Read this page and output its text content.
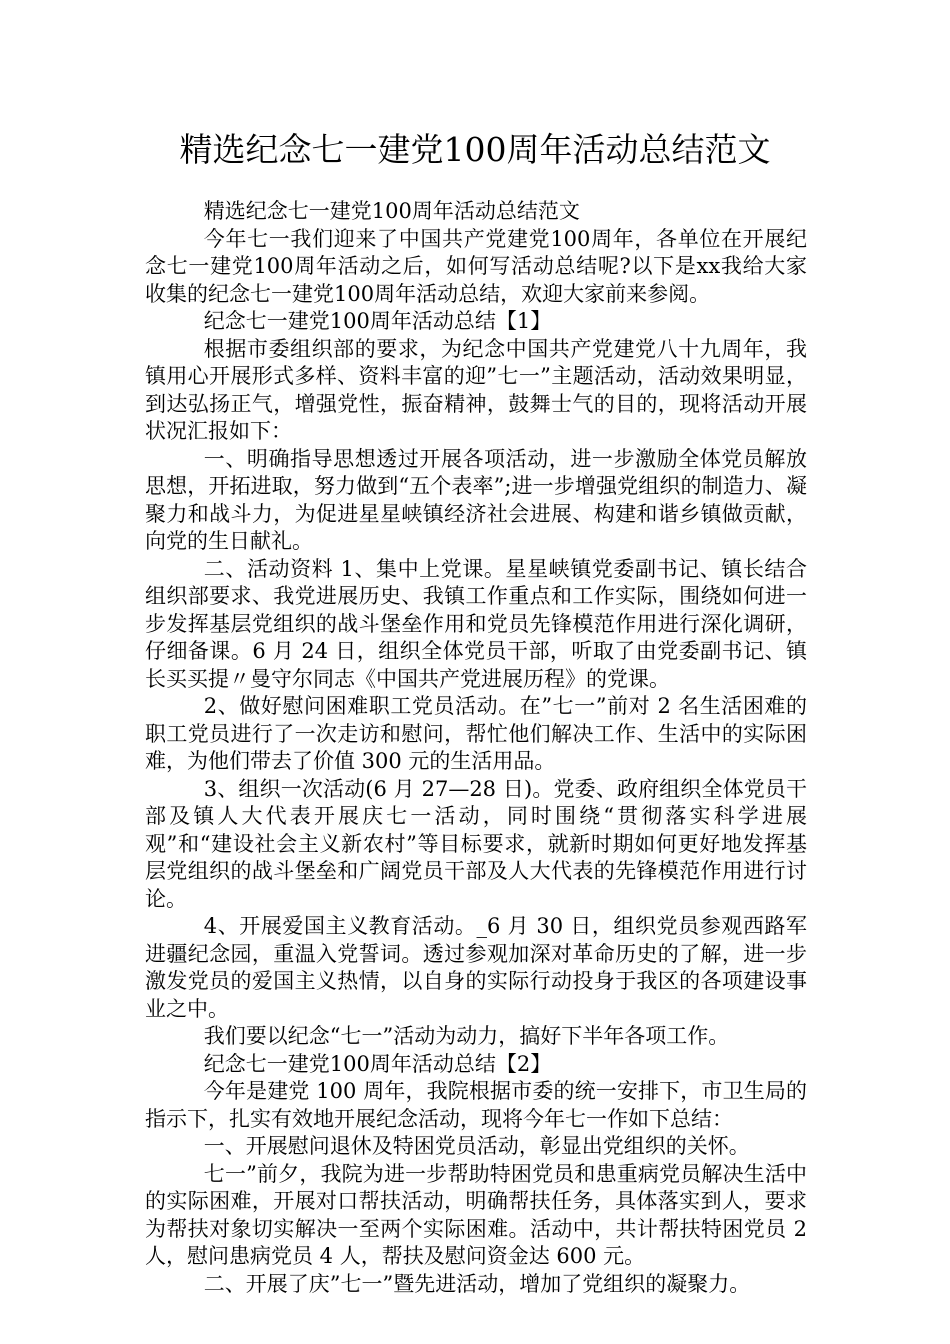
精选纪念七一建党100周年活动总结范文

精选纪念七一建党100周年活动总结范文

今年七一我们迎来了中国共产党建党100周年，各单位在开展纪念七一建党100周年活动之后，如何写活动总结呢?以下是xx我给大家收集的纪念七一建党100周年活动总结，欢迎大家前来参阅。

纪念七一建党100周年活动总结【1】

根据市委组织部的要求，为纪念中国共产党建党八十九周年，我镇用心开展形式多样、资料丰富的迎”七一”主题活动，活动效果明显，到达弘扬正气，增强党性，振奋精神，鼓舞士气的目的，现将活动开展状况汇报如下：

一、明确指导思想透过开展各项活动，进一步激励全体党员解放思想，开拓进取，努力做到“五个表率”;进一步增强党组织的制造力、凝聚力和战斗力，为促进星星峡镇经济社会进展、构建和谐乡镇做贡献，向党的生日献礼。

二、活动资料 1、集中上党课。星星峡镇党委副书记、镇长结合组织部要求、我党进展历史、我镇工作重点和工作实际，围绕如何进一步发挥基层党组织的战斗堡垒作用和党员先锋模范作用进行深化调研，仔细备课。6 月 24 日，组织全体党员干部，听取了由党委副书记、镇长买买提〃曼守尔同志《中国共产党进展历程》的党课。

2、做好慰问困难职工党员活动。在”七一”前对 2 名生活困难的职工党员进行了一次走访和慰问，帮忙他们解决工作、生活中的实际困难，为他们带去了价值 300 元的生活用品。

3、组织一次活动(6 月 27—28 日)。党委、政府组织全体党员干部及镇人大代表开展庆七一活动，同时围绕“贯彻落实科学进展观”和“建设社会主义新农村”等目标要求，就新时期如何更好地发挥基层党组织的战斗堡垒和广阔党员干部及人大代表的先锋模范作用进行讨论。

4、开展爱国主义教育活动。_6 月 30 日，组织党员参观西路军进疆纪念园，重温入党誓词。透过参观加深对革命历史的了解，进一步激发党员的爱国主义热情，以自身的实际行动投身于我区的各项建设事业之中。

我们要以纪念“七一”活动为动力，搞好下半年各项工作。

纪念七一建党100周年活动总结【2】

今年是建党 100 周年，我院根据市委的统一安排下，市卫生局的指示下，扎实有效地开展纪念活动，现将今年七一作如下总结：

一、开展慰问退休及特困党员活动，彰显出党组织的关怀。

七一”前夕，我院为进一步帮助特困党员和患重病党员解决生活中的实际困难，开展对口帮扶活动，明确帮扶任务，具体落实到人，要求为帮扶对象切实解决一至两个实际困难。活动中，共计帮扶特困党员 2 人，慰问患病党员 4 人，帮扶及慰问资金达 600 元。

二、开展了庆”七一”暨先进活动，增加了党组织的凝聚力。
